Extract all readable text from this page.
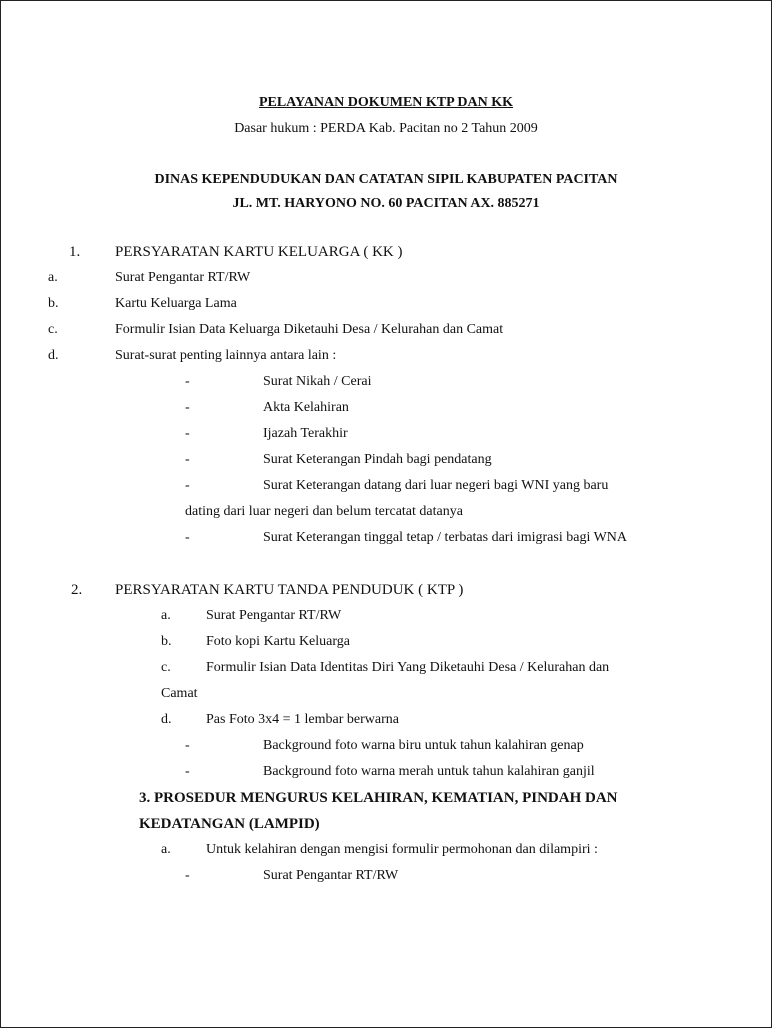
PELAYANAN DOKUMEN KTP DAN KK
Dasar hukum : PERDA Kab. Pacitan no 2 Tahun 2009
DINAS KEPENDUDUKAN DAN CATATAN SIPIL KABUPATEN PACITAN
JL. MT. HARYONO NO. 60 PACITAN AX. 885271
1. PERSYARATAN KARTU KELUARGA ( KK )
a.	Surat Pengantar RT/RW
b.	Kartu Keluarga Lama
c.	Formulir Isian Data Keluarga Diketauhi Desa / Kelurahan dan Camat
d.	Surat-surat penting lainnya antara lain :
-	Surat Nikah / Cerai
-	Akta Kelahiran
-	Ijazah Terakhir
-	Surat Keterangan Pindah bagi pendatang
-	Surat Keterangan datang dari luar negeri bagi WNI yang baru
dating dari luar negeri dan belum tercatat datanya
-	Surat Keterangan tinggal tetap / terbatas dari imigrasi bagi WNA
2. PERSYARATAN KARTU TANDA PENDUDUK ( KTP )
a.	Surat Pengantar RT/RW
b. Foto kopi Kartu Keluarga
c.	Formulir Isian Data Identitas Diri Yang Diketauhi Desa / Kelurahan dan
Camat
d. Pas Foto 3x4 = 1 lembar berwarna
-	Background foto warna biru untuk tahun kalahiran genap
-	Background foto warna merah untuk tahun kalahiran ganjil
3. PROSEDUR MENGURUS KELAHIRAN, KEMATIAN, PINDAH DAN
KEDATANGAN (LAMPID)
a.	Untuk kelahiran dengan mengisi formulir permohonan dan dilampiri :
-	Surat Pengantar RT/RW
